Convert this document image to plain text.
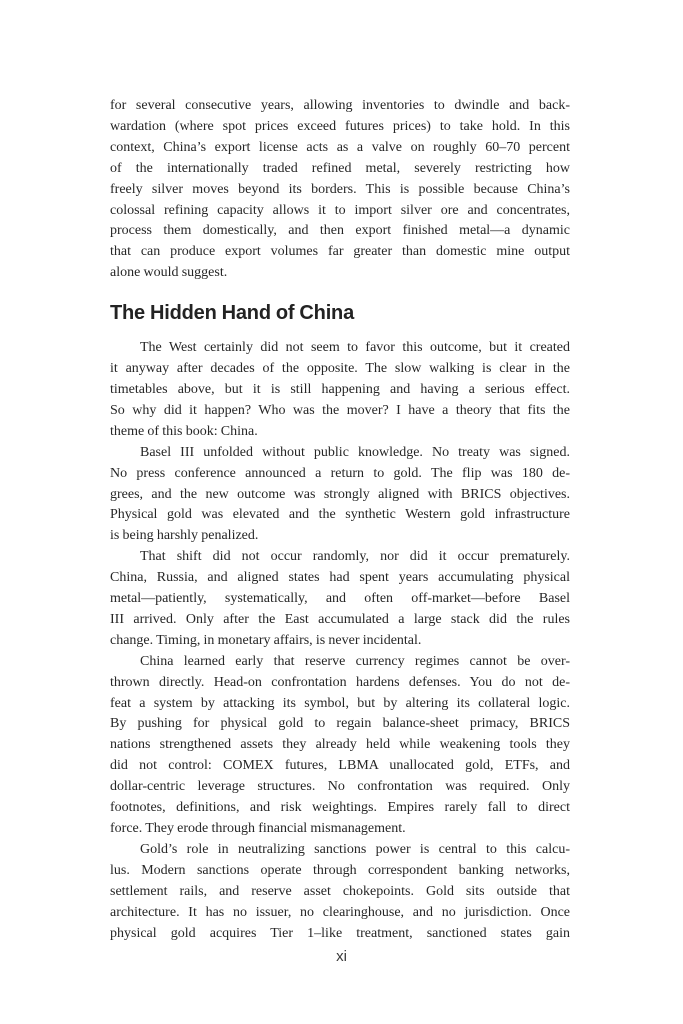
for several consecutive years, allowing inventories to dwindle and back-
wardation (where spot prices exceed futures prices) to take hold. In this
context, China’s export license acts as a valve on roughly 60–70 percent
of the internationally traded refined metal, severely restricting how
freely silver moves beyond its borders. This is possible because China’s
colossal refining capacity allows it to import silver ore and concentrates,
process them domestically, and then export finished metal—a dynamic
that can produce export volumes far greater than domestic mine output
alone would suggest.

The Hidden Hand of China

The West certainly did not seem to favor this outcome, but it created
it anyway after decades of the opposite. The slow walking is clear in the
timetables above, but it is still happening and having a serious effect.
So why did it happen? Who was the mover? I have a theory that fits the
theme of this book: China.

Basel III unfolded without public knowledge. No treaty was signed.
No press conference announced a return to gold. The flip was 180 de-
grees, and the new outcome was strongly aligned with BRICS objectives.
Physical gold was elevated and the synthetic Western gold infrastructure
is being harshly penalized.

That shift did not occur randomly, nor did it occur prematurely.
China, Russia, and aligned states had spent years accumulating physical
metal—patiently, systematically, and often off-market—before Basel
III arrived. Only after the East accumulated a large stack did the rules
change. Timing, in monetary affairs, is never incidental.

China learned early that reserve currency regimes cannot be over-
thrown directly. Head-on confrontation hardens defenses. You do not de-
feat a system by attacking its symbol, but by altering its collateral logic.
By pushing for physical gold to regain balance-sheet primacy, BRICS
nations strengthened assets they already held while weakening tools they
did not control: COMEX futures, LBMA unallocated gold, ETFs, and
dollar-centric leverage structures. No confrontation was required. Only
footnotes, definitions, and risk weightings. Empires rarely fall to direct
force. They erode through financial mismanagement.

Gold’s role in neutralizing sanctions power is central to this calcu-
lus. Modern sanctions operate through correspondent banking networks,
settlement rails, and reserve asset chokepoints. Gold sits outside that
architecture. It has no issuer, no clearinghouse, and no jurisdiction. Once
physical gold acquires Tier 1–like treatment, sanctioned states gain

xi
